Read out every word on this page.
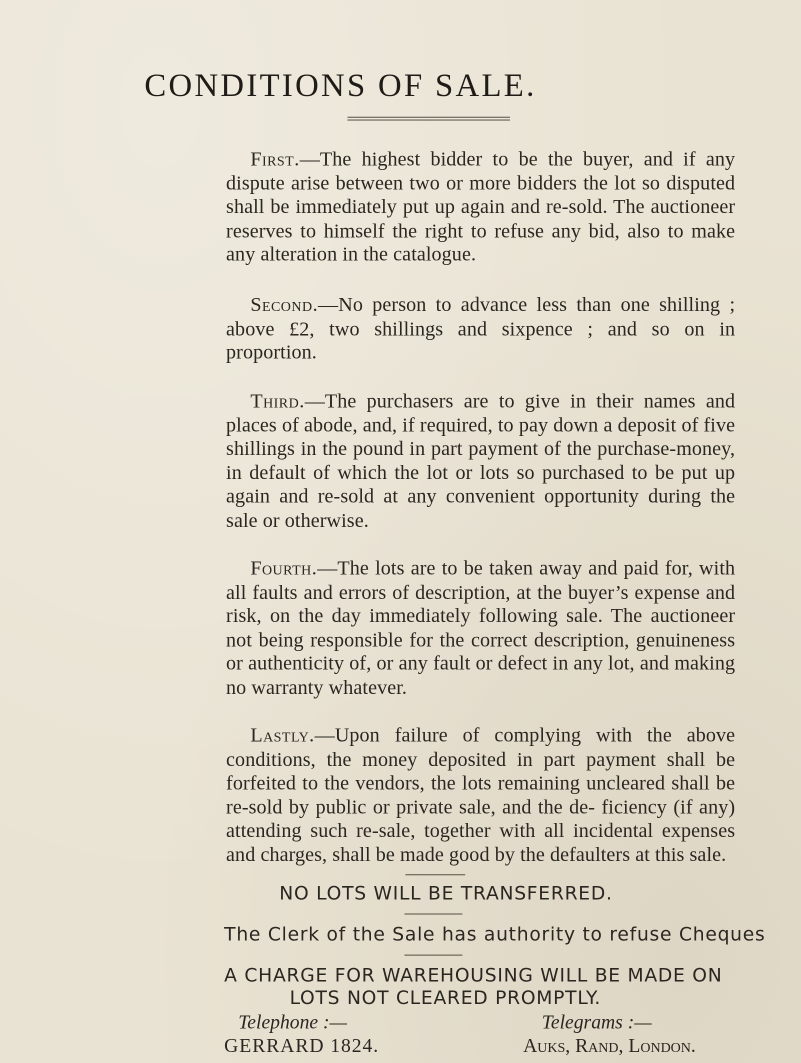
CONDITIONS OF SALE.

First.—The highest bidder to be the buyer, and if any dispute arise between two or more bidders the lot so disputed shall be immediately put up again and re-sold. The auctioneer reserves to himself the right to refuse any bid, also to make any alteration in the catalogue.

Second.—No person to advance less than one shilling ; above £2, two shillings and sixpence ; and so on in proportion.

Third.—The purchasers are to give in their names and places of abode, and, if required, to pay down a deposit of five shillings in the pound in part payment of the purchase-money, in default of which the lot or lots so purchased to be put up again and re-sold at any convenient opportunity during the sale or otherwise.

Fourth.—The lots are to be taken away and paid for, with all faults and errors of description, at the buyer’s expense and risk, on the day immediately following sale. The auctioneer not being responsible for the correct description, genuineness or authenticity of, or any fault or defect in any lot, and making no warranty whatever.

Lastly.—Upon failure of complying with the above conditions, the money deposited in part payment shall be forfeited to the vendors, the lots remaining uncleared shall be re-sold by public or private sale, and the de- ficiency (if any) attending such re-sale, together with all incidental expenses and charges, shall be made good by the defaulters at this sale.

NO LOTS WILL BE TRANSFERRED.

The Clerk of the Sale has authority to refuse Cheques

A CHARGE FOR WAREHOUSING WILL BE MADE ON

LOTS NOT CLEARED PROMPTLY.

Telephone :—	Telegrams :—
GERRARD 1824.	Auks, Rand, London.
